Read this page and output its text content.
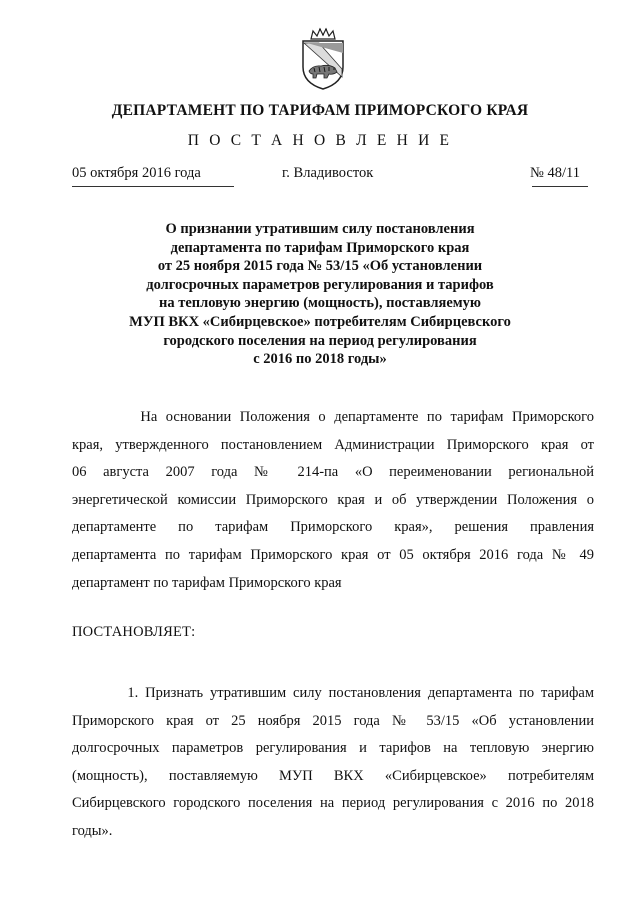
ДЕПАРТАМЕНТ ПО ТАРИФАМ ПРИМОРСКОГО КРАЯ
П О С Т А Н О В Л Е Н И Е
05 октября 2016 года	г. Владивосток	№ 48/11
О признании утратившим силу постановления
департамента по тарифам Приморского края
от 25 ноября 2015 года № 53/15 «Об установлении
долгосрочных параметров регулирования и тарифов
на тепловую энергию (мощность), поставляемую
МУП ВКХ «Сибирцевское» потребителям Сибирцевского
городского поселения на период регулирования
с 2016 по 2018 годы»
На основании Положения о департаменте по тарифам Приморского
края, утвержденного постановлением Администрации Приморского края от
06 августа 2007 года № 214-па «О переименовании региональной
энергетической комиссии Приморского края и об утверждении Положения о
департаменте по тарифам Приморского края», решения правления
департамента по тарифам Приморского края от 05 октября 2016 года № 49
департамент по тарифам Приморского края
ПОСТАНОВЛЯЕТ:
1. Признать утратившим силу постановления департамента по тарифам
Приморского края от 25 ноября 2015 года № 53/15 «Об установлении
долгосрочных параметров регулирования и тарифов на тепловую энергию
(мощность), поставляемую МУП ВКХ «Сибирцевское» потребителям
Сибирцевского городского поселения на период регулирования с 2016 по 2018
годы».
